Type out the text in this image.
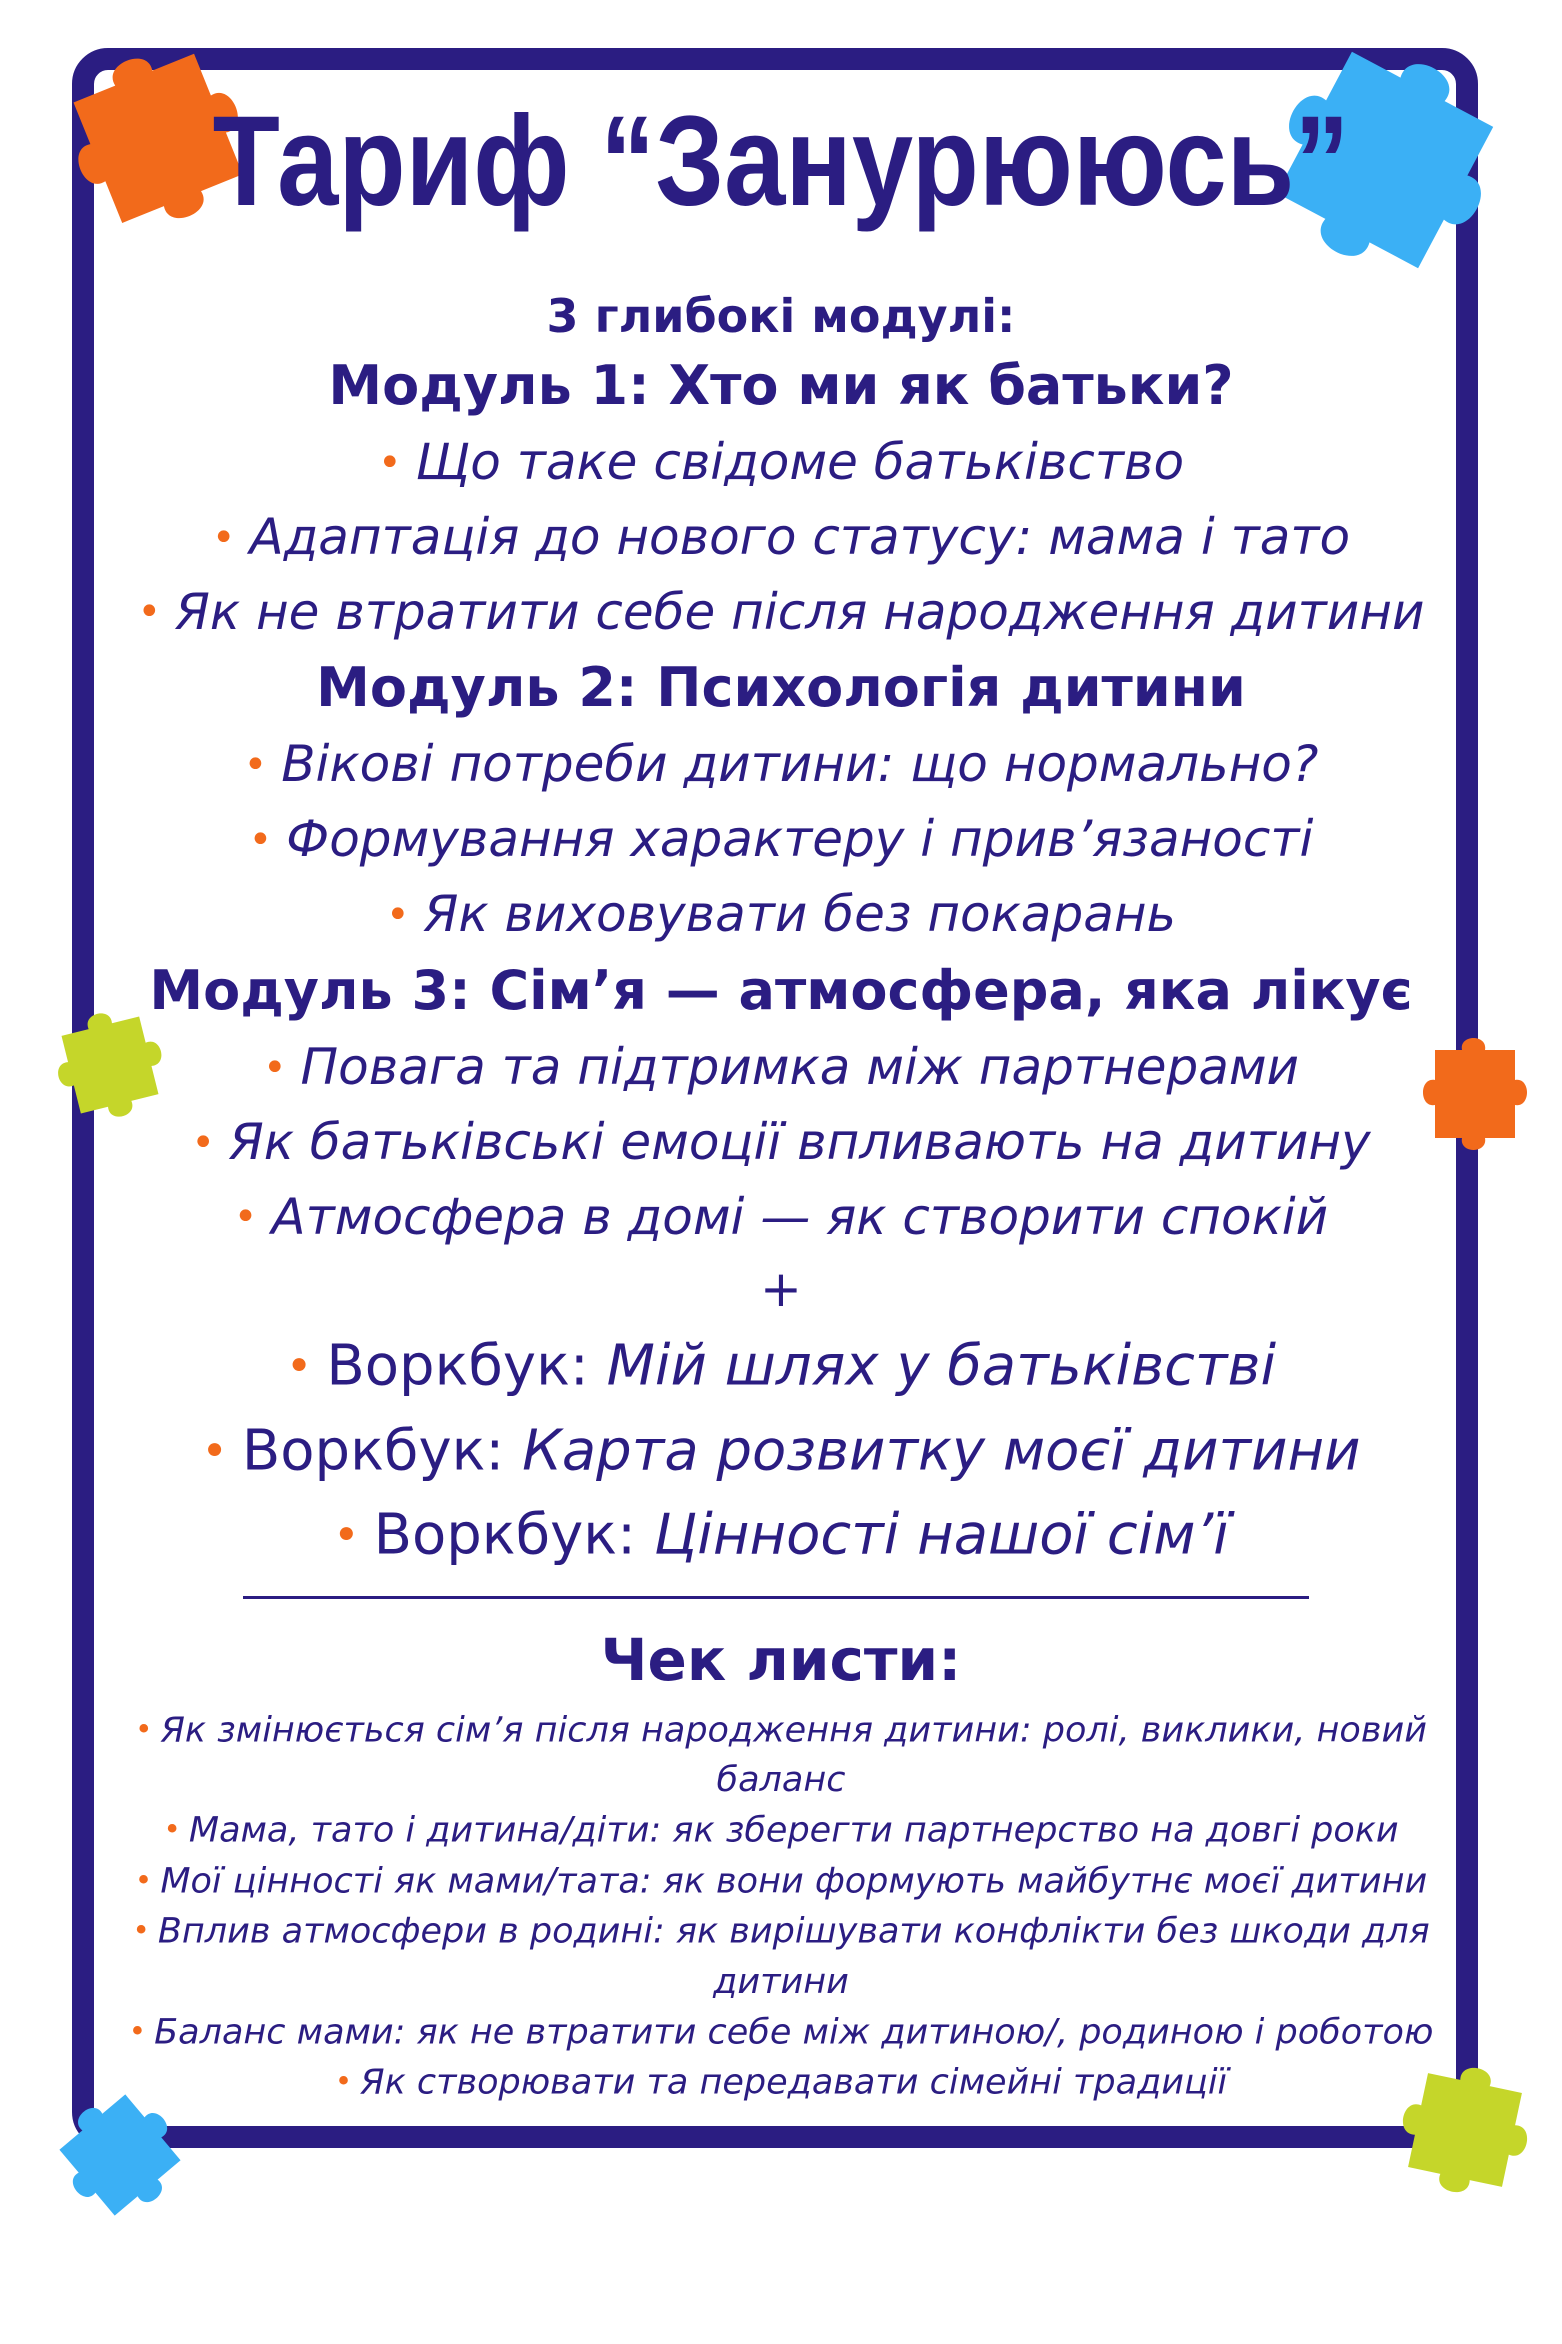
Тариф “Занурююсь”

3 глибокі модулі:

Модуль 1: Хто ми як батьки?

• Що таке свідоме батьківство

• Адаптація до нового статусу: мама і тато

• Як не втратити себе після народження дитини

Модуль 2: Психологія дитини

• Вікові потреби дитини: що нормально?

• Формування характеру і прив’язаності

• Як виховувати без покарань

Модуль 3: Сім’я — атмосфера, яка лікує

• Повага та підтримка між партнерами

• Як батьківські емоції впливають на дитину

• Атмосфера в домі — як створити спокій

+

• Воркбук: Мій шлях у батьківстві

• Воркбук: Карта розвитку моєї дитини

• Воркбук: Цінності нашої сім’ї

Чек листи:

• Як змінюється сім’я після народження дитини: ролі, виклики, новий

баланс

• Мама, тато і дитина/діти: як зберегти партнерство на довгі роки

• Мої цінності як мами/тата: як вони формують майбутнє моєї дитини

• Вплив атмосфери в родині: як вирішувати конфлікти без шкоди для

дитини

• Баланс мами: як не втратити себе між дитиною/, родиною і роботою

• Як створювати та передавати сімейні традиції
